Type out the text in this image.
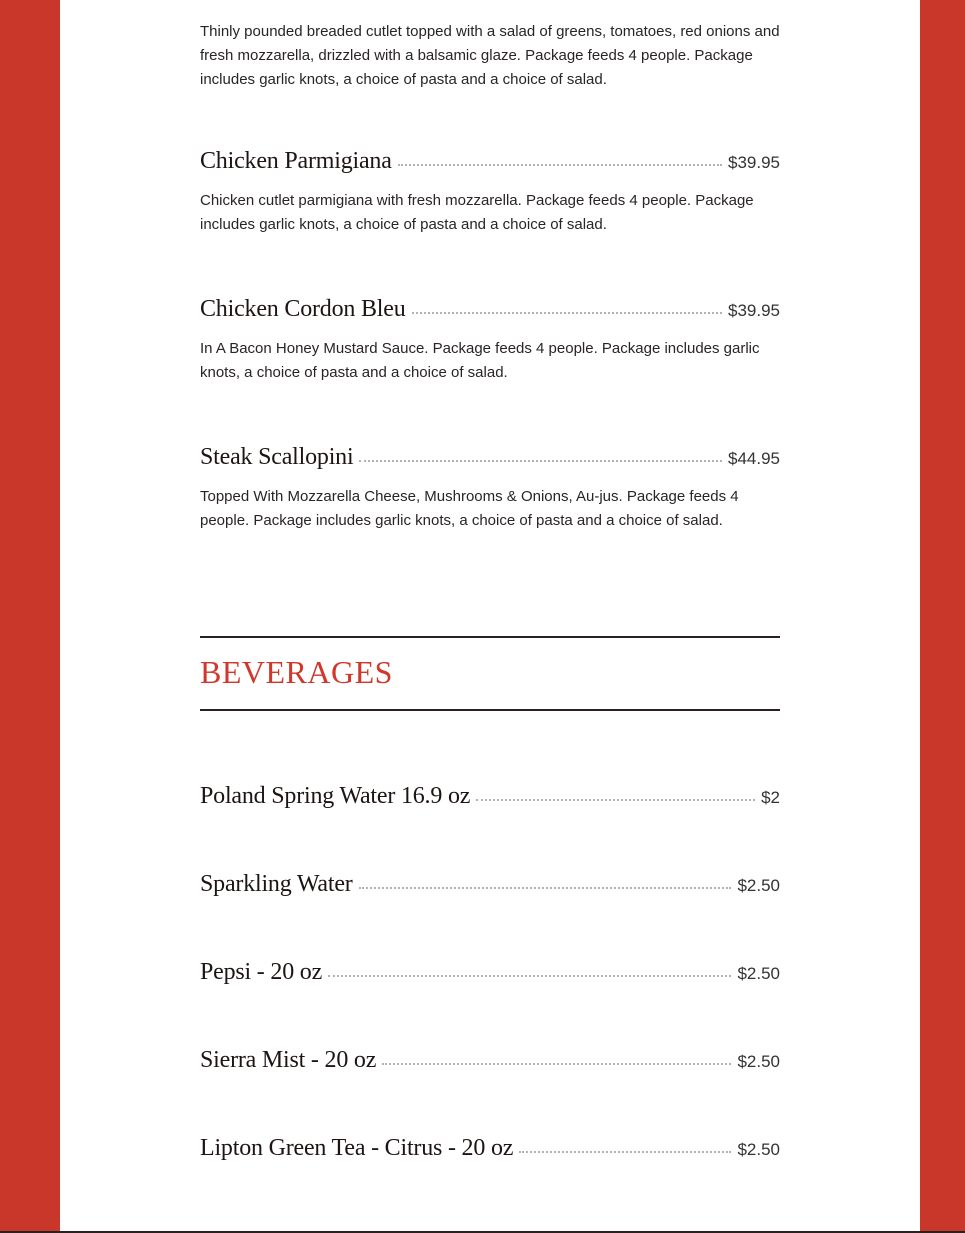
Thinly pounded breaded cutlet topped with a salad of greens, tomatoes, red onions and fresh mozzarella, drizzled with a balsamic glaze. Package feeds 4 people. Package includes garlic knots, a choice of pasta and a choice of salad.
Chicken Parmigiana	$39.95
Chicken cutlet parmigiana with fresh mozzarella. Package feeds 4 people. Package includes garlic knots, a choice of pasta and a choice of salad.
Chicken Cordon Bleu	$39.95
In A Bacon Honey Mustard Sauce. Package feeds 4 people. Package includes garlic knots, a choice of pasta and a choice of salad.
Steak Scallopini	$44.95
Topped With Mozzarella Cheese, Mushrooms & Onions, Au-jus. Package feeds 4 people. Package includes garlic knots, a choice of pasta and a choice of salad.
BEVERAGES
Poland Spring Water 16.9 oz	$2
Sparkling Water	$2.50
Pepsi - 20 oz	$2.50
Sierra Mist - 20 oz	$2.50
Lipton Green Tea - Citrus - 20 oz	$2.50
